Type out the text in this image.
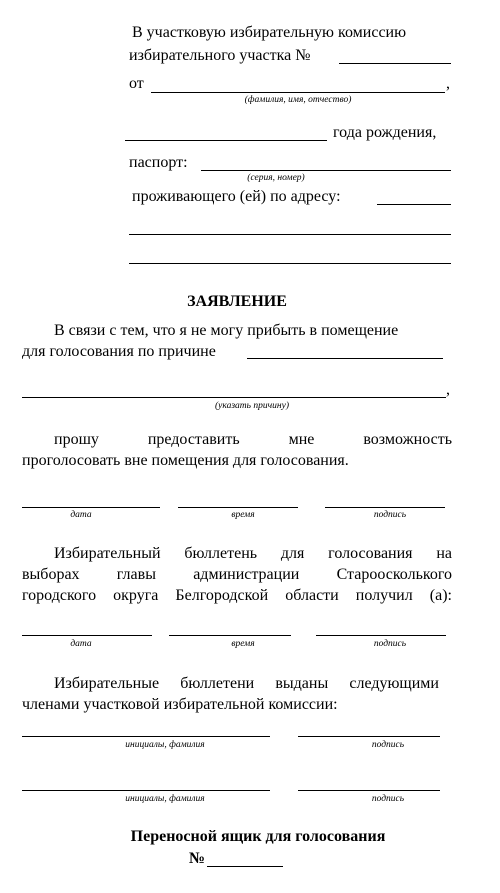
В участковую избирательную комиссию
избирательного участка №
от	,
(фамилия, имя, отчество)
года рождения,
паспорт:
(серия, номер)
проживающего (ей) по адресу:
ЗАЯВЛЕНИЕ
В связи с тем, что я не могу прибыть в помещение
для голосования по причине
,
(указать причину)
прошу предоставить мне возможность
проголосовать вне помещения для голосования.
дата	время	подпись
Избирательный бюллетень для голосования на
выборах главы администрации Староосколького
городского округа Белгородской области получил (а):
дата	время	подпись
Избирательные бюллетени выданы следующими
членами участковой избирательной комиссии:
инициалы, фамилия	подпись
инициалы, фамилия	подпись
Переносной ящик для голосования
№
